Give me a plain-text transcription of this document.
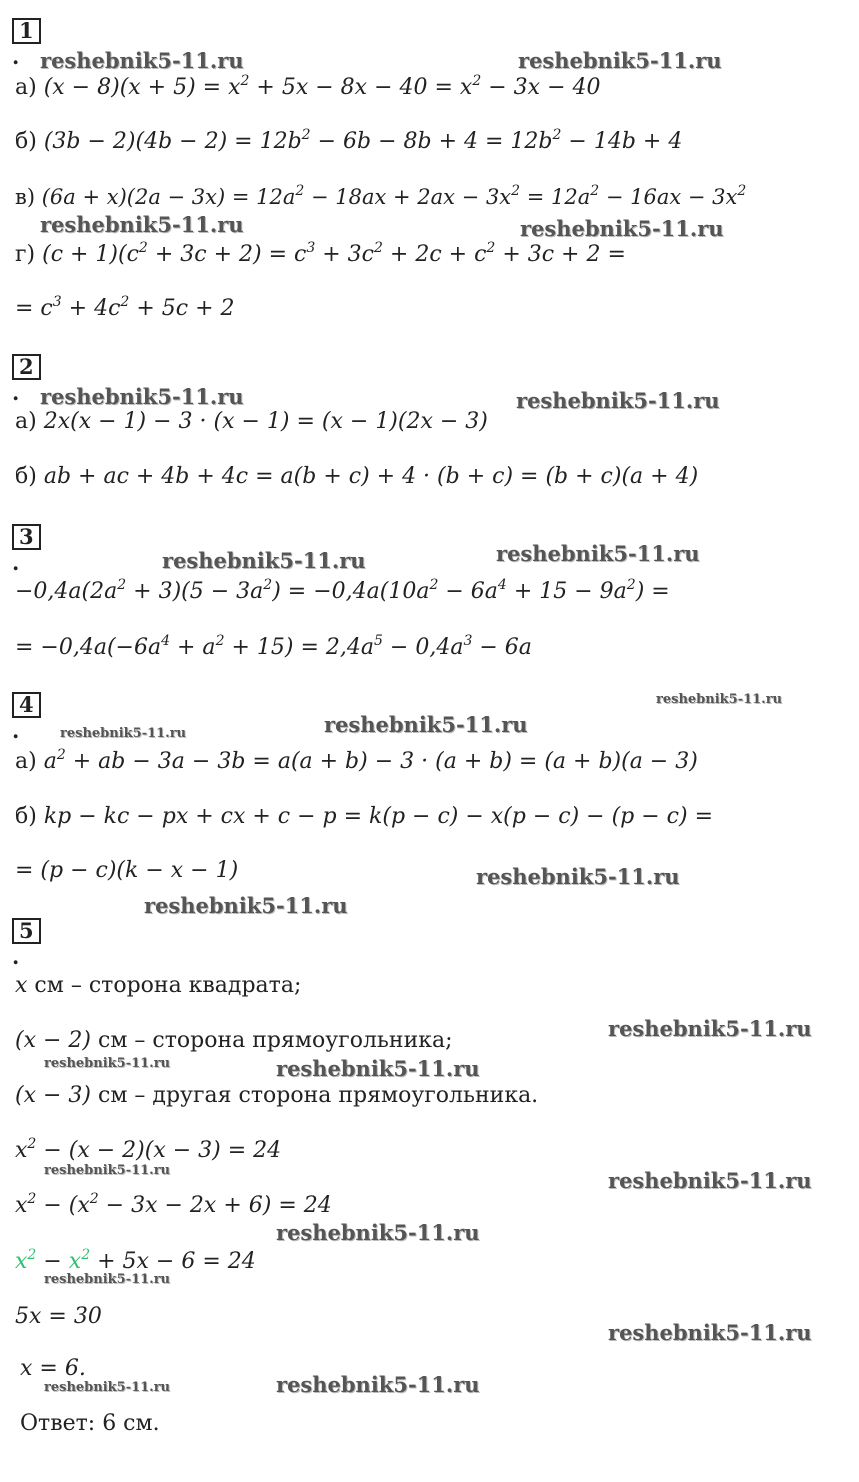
1. reshebnik5-11.ru	reshebnik5-11.ru
а) $(x - 8)(x + 5) = x^2 + 5x - 8x - 40 = x^2 - 3x - 40$
б) $(3b - 2)(4b - 2) = 12b^2 - 6b - 8b + 4 = 12b^2 - 14b + 4$
в) $(6a + x)(2a - 3x) = 12a^2 - 18ax + 2ax - 3x^2 = 12a^2 - 16ax - 3x^2$
reshebnik5-11.ru	reshebnik5-11.ru
г) $(c + 1)(c^2 + 3c + 2) = c^3 + 3c^2 + 2c + c^2 + 3c + 2$ =
= $c^3 + 4c^2 + 5c + 2$
2. reshebnik5-11.ru	reshebnik5-11.ru
а) 2x(x − 1) − 3 · (x − 1) = (x − 1)(2x − 3)
б) ab + ac + 4b + 4c = a(b + c) + 4 · (b + c) = (b + c)(a + 4)
3.	reshebnik5-11.ru	reshebnik5-11.ru
$-0,4a(2a^2 + 3)(5 - 3a^2) = -0,4a(10a^2 - 6a^4 + 15 - 9a^2)$ =
= $-0,4a(-6a^4 + a^2 + 15) = 2,4a^5 - 0,4a^3 - 6a$
4.
reshebnik5-11.ru
reshebnik5-11.ru	reshebnik5-11.ru
а) $a^2$ + ab − 3a − 3b = a(a + b) − 3 · (a + b) = (a + b)(a − 3)
б) kp − kc − px + cx + c − p = k(p − c) − x(p − c) − (p − c) =
= (p − c)(k − x − 1)	reshebnik5-11.ru
reshebnik5-11.ru
5.
x см – сторона квадрата;
reshebnik5-11.ru
(x − 2) см – сторона прямоугольника;
reshebnik5-11.ru	reshebnik5-11.ru
(x − 3) см – другая сторона прямоугольника.
$x^2 - (x - 2)(x - 3) = 24$
reshebnik5-11.ru	reshebnik5-11.ru
$x^2 - (x^2 - 3x - 2x + 6) = 24$
reshebnik5-11.ru
$x^2 - x^2 + 5x - 6 = 24$
reshebnik5-11.ru
5x = 30
reshebnik5-11.ru
x = 6.
reshebnik5-11.ru	reshebnik5-11.ru
Ответ: 6 см.
